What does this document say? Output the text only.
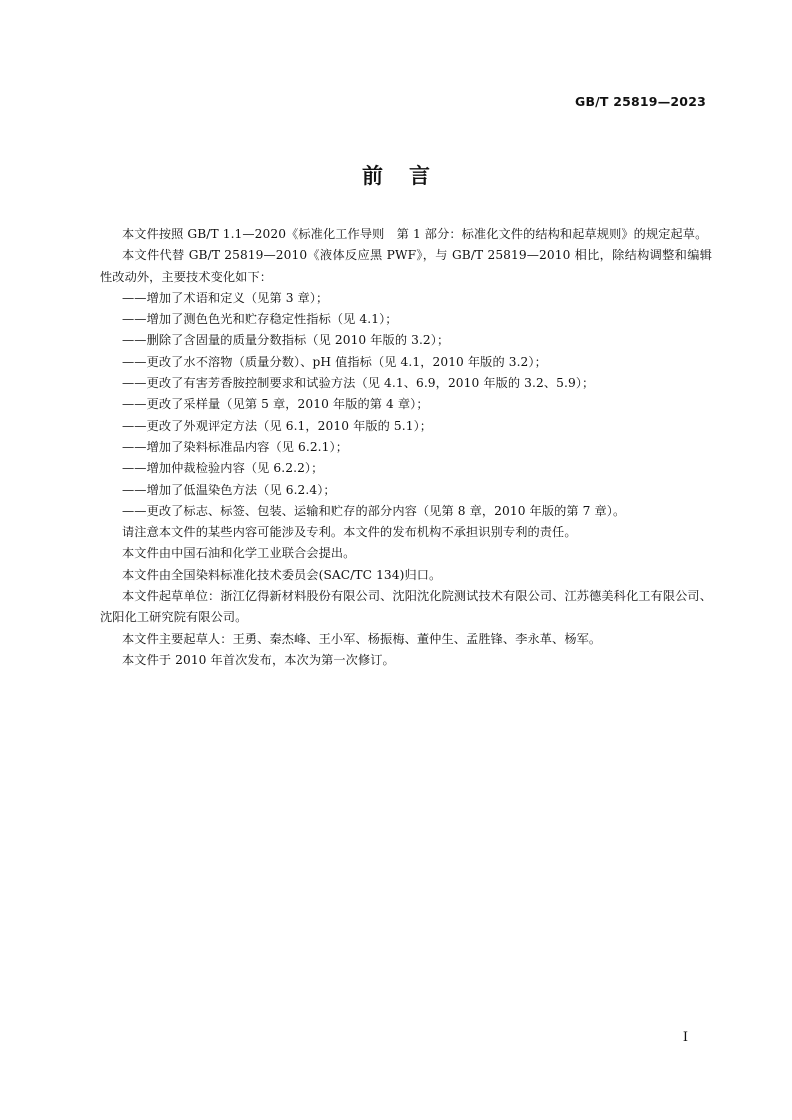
GB/T 25819—2023
前言

本文件按照 GB/T 1.1—2020《标准化工作导则　第 1 部分：标准化文件的结构和起草规则》的规定起草。

本文件代替 GB/T 25819—2010《液体反应黑 PWF》，与 GB/T 25819—2010 相比，除结构调整和编辑性改动外，主要技术变化如下：

——增加了术语和定义（见第 3 章）；

——增加了测色色光和贮存稳定性指标（见 4.1）；

——删除了含固量的质量分数指标（见 2010 年版的 3.2）；

——更改了水不溶物（质量分数）、pH 值指标（见 4.1，2010 年版的 3.2）；

——更改了有害芳香胺控制要求和试验方法（见 4.1、6.9，2010 年版的 3.2、5.9）；

——更改了采样量（见第 5 章，2010 年版的第 4 章）；

——更改了外观评定方法（见 6.1，2010 年版的 5.1）；

——增加了染料标准品内容（见 6.2.1）；

——增加仲裁检验内容（见 6.2.2）；

——增加了低温染色方法（见 6.2.4）；

——更改了标志、标签、包装、运输和贮存的部分内容（见第 8 章，2010 年版的第 7 章）。

请注意本文件的某些内容可能涉及专利。本文件的发布机构不承担识别专利的责任。

本文件由中国石油和化学工业联合会提出。

本文件由全国染料标准化技术委员会(SAC/TC 134)归口。

本文件起草单位：浙江亿得新材料股份有限公司、沈阳沈化院测试技术有限公司、江苏德美科化工有限公司、沈阳化工研究院有限公司。

本文件主要起草人：王勇、秦杰峰、王小军、杨振梅、董仲生、孟胜锋、李永革、杨军。

本文件于 2010 年首次发布，本次为第一次修订。

I
